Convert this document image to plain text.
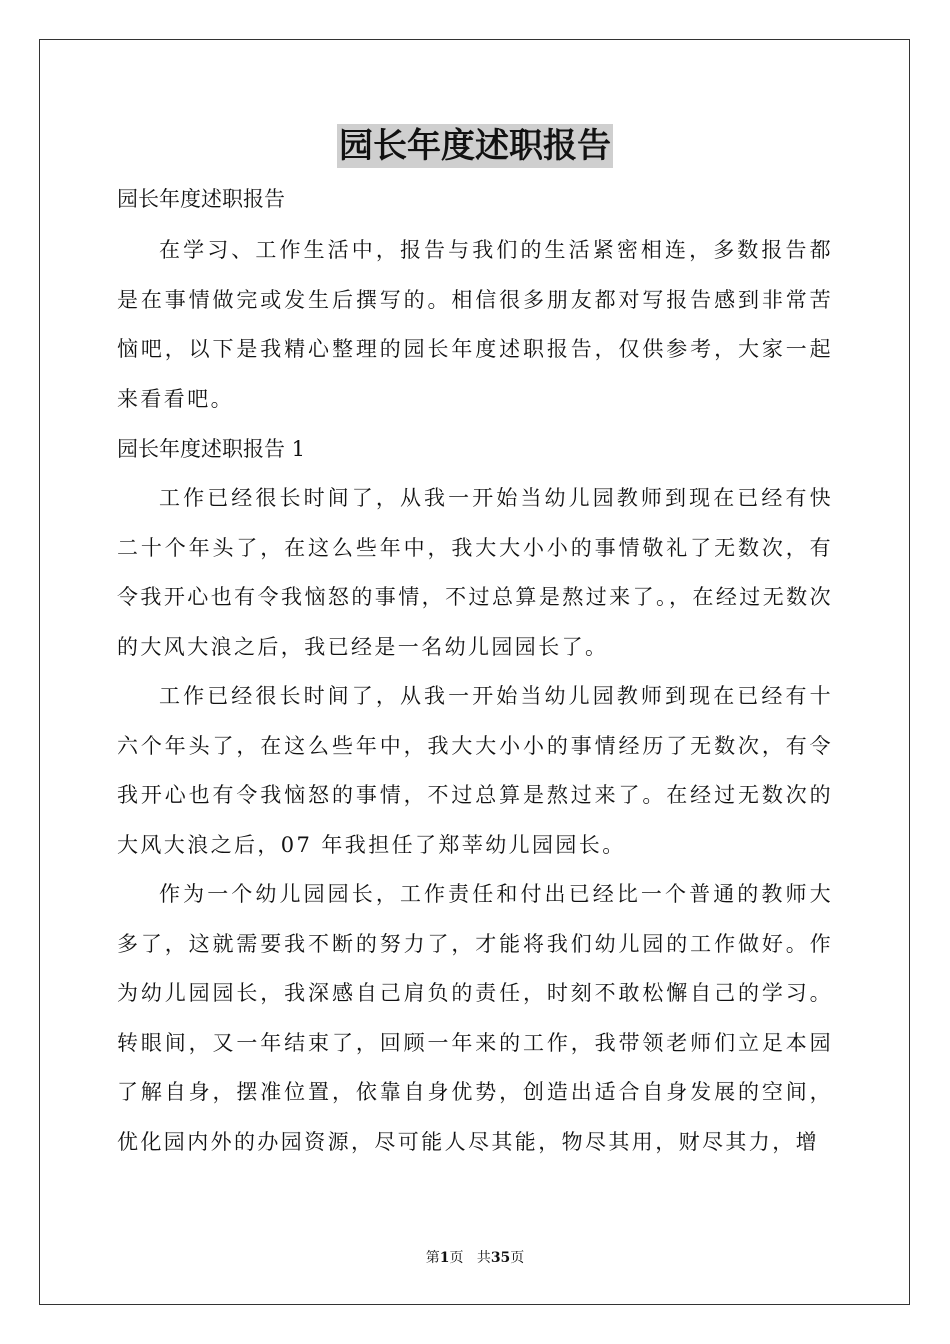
园长年度述职报告
园长年度述职报告

在学习、工作生活中，报告与我们的生活紧密相连，多数报告都是在事情做完或发生后撰写的。相信很多朋友都对写报告感到非常苦恼吧，以下是我精心整理的园长年度述职报告，仅供参考，大家一起来看看吧。

园长年度述职报告 1

工作已经很长时间了，从我一开始当幼儿园教师到现在已经有快二十个年头了，在这么些年中，我大大小小的事情敬礼了无数次，有令我开心也有令我恼怒的事情，不过总算是熬过来了。，在经过无数次的大风大浪之后，我已经是一名幼儿园园长了。

工作已经很长时间了，从我一开始当幼儿园教师到现在已经有十六个年头了，在这么些年中，我大大小小的事情经历了无数次，有令我开心也有令我恼怒的事情，不过总算是熬过来了。在经过无数次的大风大浪之后，07 年我担任了郑莘幼儿园园长。

作为一个幼儿园园长，工作责任和付出已经比一个普通的教师大多了，这就需要我不断的努力了，才能将我们幼儿园的工作做好。作为幼儿园园长，我深感自己肩负的责任，时刻不敢松懈自己的学习。转眼间，又一年结束了，回顾一年来的工作，我带领老师们立足本园了解自身，摆准位置，依靠自身优势，创造出适合自身发展的空间，优化园内外的办园资源，尽可能人尽其能，物尽其用，财尽其力，增

第1页 共35页
